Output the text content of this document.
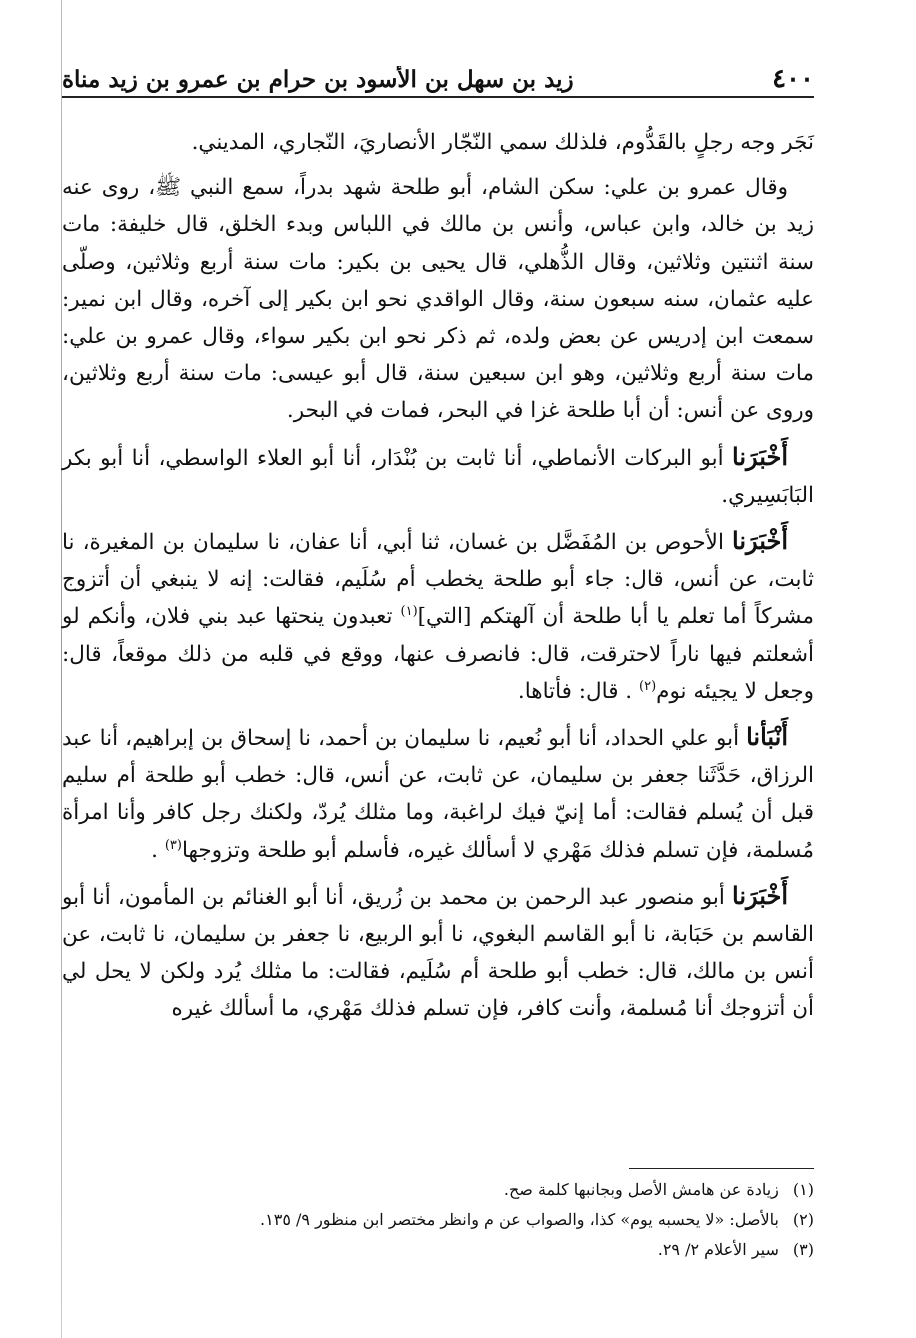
٤٠٠
زيد بن سهل بن الأسود بن حرام بن عمرو بن زيد مناة

نَجَر وجه رجلٍ بالقَدُّوم، فلذلك سمي النّجّار الأنصاريَ، النّجاري، المديني.

وقال عمرو بن علي: سكن الشام، أبو طلحة شهد بدراً، سمع النبي ﷺ، روى عنه زيد بن خالد، وابن عباس، وأنس بن مالك في اللباس وبدء الخلق، قال خليفة: مات سنة اثنتين وثلاثين، وقال الذُّهلي، قال يحيى بن بكير: مات سنة أربع وثلاثين، وصلّى عليه عثمان، سنه سبعون سنة، وقال الواقدي نحو ابن بكير إلى آخره، وقال ابن نمير: سمعت ابن إدريس عن بعض ولده، ثم ذكر نحو ابن بكير سواء، وقال عمرو بن علي: مات سنة أربع وثلاثين، وهو ابن سبعين سنة، قال أبو عيسى: مات سنة أربع وثلاثين، وروى عن أنس: أن أبا طلحة غزا في البحر، فمات في البحر.

أَخْبَرَنا أبو البركات الأنماطي، أنا ثابت بن بُنْدَار، أنا أبو العلاء الواسطي، أنا أبو بكر البَابَسِيري.

أَخْبَرَنا الأحوص بن المُفَضَّل بن غسان، ثنا أبي، أنا عفان، نا سليمان بن المغيرة، نا ثابت، عن أنس، قال: جاء أبو طلحة يخطب أم سُلَيم، فقالت: إنه لا ينبغي أن أتزوج مشركاً أما تعلم يا أبا طلحة أن آلهتكم [التي]$^{(١)}$ تعبدون ينحتها عبد بني فلان، وأنكم لو أشعلتم فيها ناراً لاحترقت، قال: فانصرف عنها، ووقع في قلبه من ذلك موقعاً، قال: وجعل لا يجيئه نوم$^{(٢)}$ . قال: فأتاها.

أَنْبَأنا أبو علي الحداد، أنا أبو نُعيم، نا سليمان بن أحمد، نا إسحاق بن إبراهيم، أنا عبد الرزاق، حَدَّثَنا جعفر بن سليمان، عن ثابت، عن أنس، قال: خطب أبو طلحة أم سليم قبل أن يُسلم فقالت: أما إنيّ فيك لراغبة، وما مثلك يُردّ، ولكنك رجل كافر وأنا امرأة مُسلمة، فإن تسلم فذلك مَهْري لا أسألك غيره، فأسلم أبو طلحة وتزوجها$^{(٣)}$ .

أَخْبَرَنا أبو منصور عبد الرحمن بن محمد بن زُريق، أنا أبو الغنائم بن المأمون، أنا أبو القاسم بن حَبَابة، نا أبو القاسم البغوي، نا أبو الربيع، نا جعفر بن سليمان، نا ثابت، عن أنس بن مالك، قال: خطب أبو طلحة أم سُلَيم، فقالت: ما مثلك يُرد ولكن لا يحل لي أن أتزوجك أنا مُسلمة، وأنت كافر، فإن تسلم فذلك مَهْري، ما أسألك غيره

(١)
زيادة عن هامش الأصل وبجانبها كلمة صح.
(٢)
بالأصل: «لا يحسبه يوم» كذا، والصواب عن م وانظر مختصر ابن منظور ٩/ ١٣٥.
(٣)
سير الأعلام ٢/ ٢٩.
